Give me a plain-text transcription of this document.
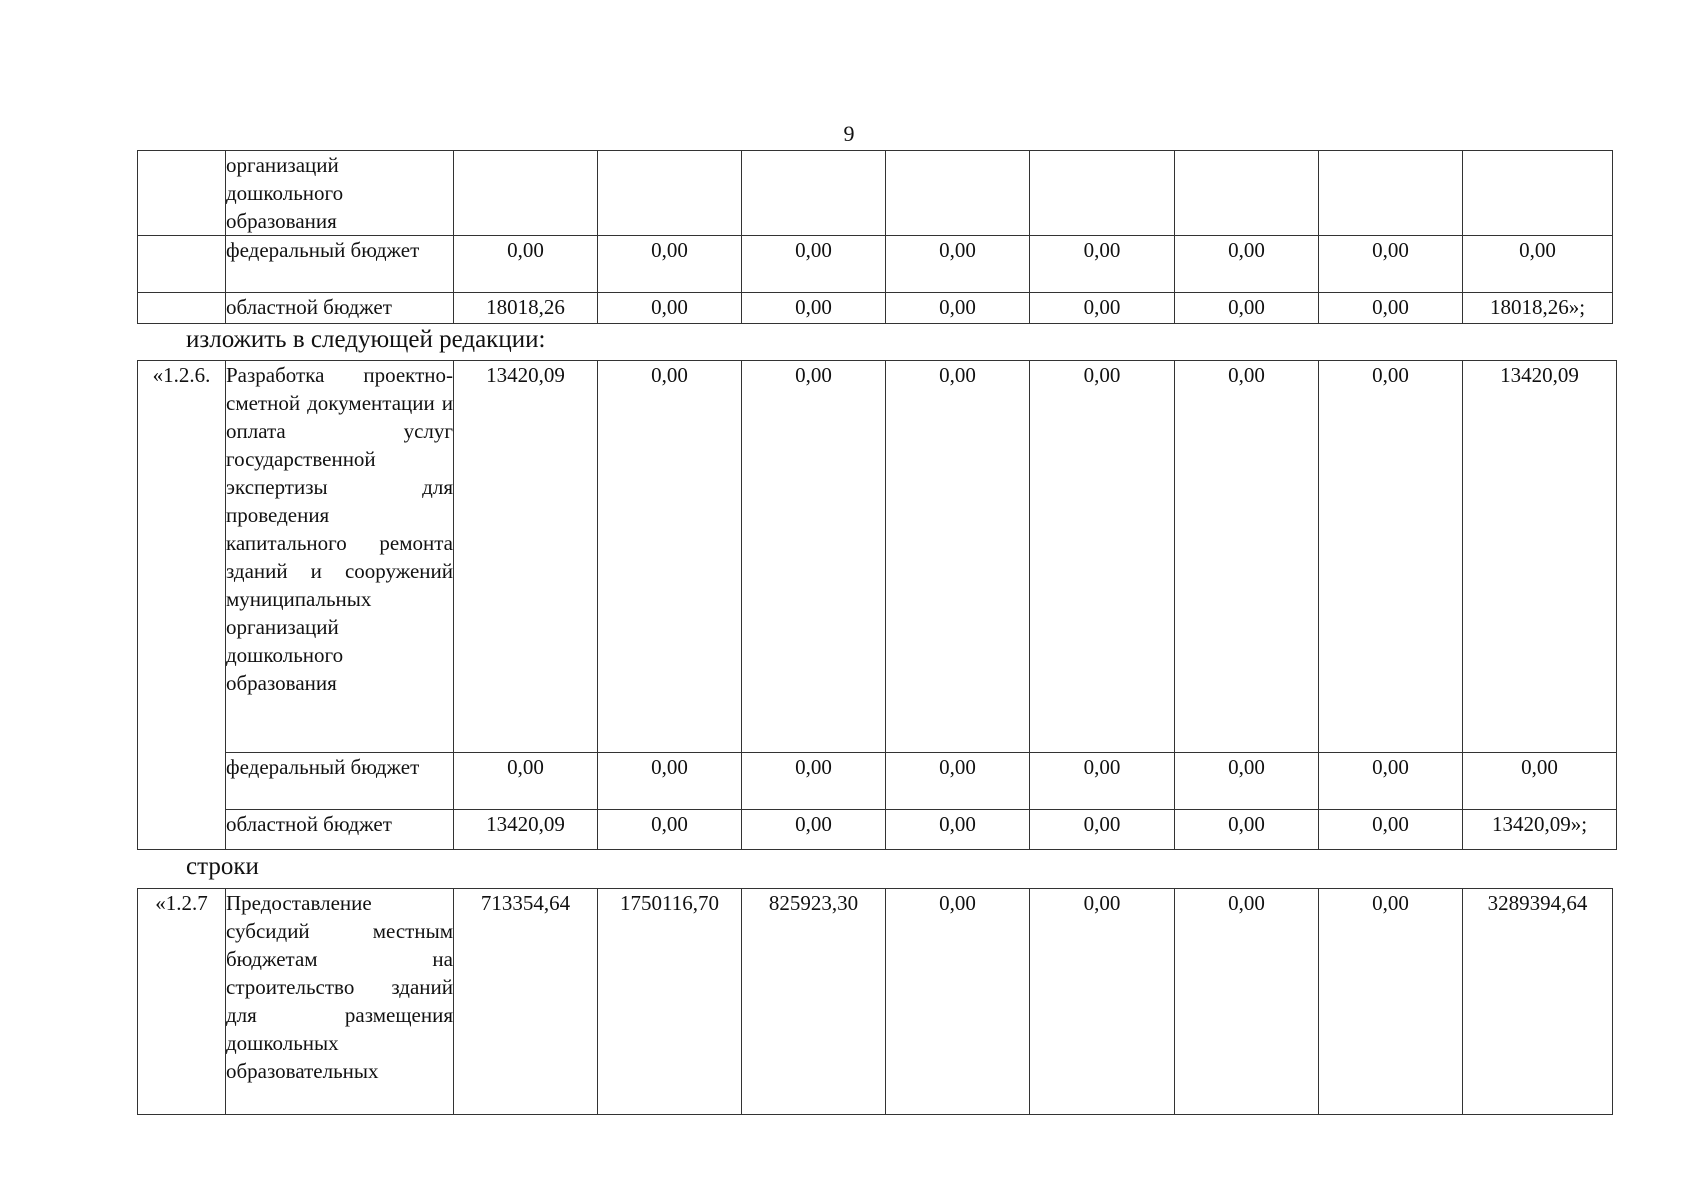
9
	организаций дошкольного образования								
	федеральный бюджет	0,00	0,00	0,00	0,00	0,00	0,00	0,00	0,00
	областной бюджет	18018,26	0,00	0,00	0,00	0,00	0,00	0,00	18018,26»;
изложить в следующей редакции:
«1.2.6.	Разработка проектно-сметной документации и оплата услуг государственной экспертизы для проведения капитального ремонта зданий и сооружений муниципальных организаций дошкольного образования	13420,09	0,00	0,00	0,00	0,00	0,00	0,00	13420,09
	федеральный бюджет	0,00	0,00	0,00	0,00	0,00	0,00	0,00	0,00
	областной бюджет	13420,09	0,00	0,00	0,00	0,00	0,00	0,00	13420,09»;
строки
«1.2.7	Предоставление субсидий местным бюджетам на строительство зданий для размещения дошкольных образовательных	713354,64	1750116,70	825923,30	0,00	0,00	0,00	0,00	3289394,64
